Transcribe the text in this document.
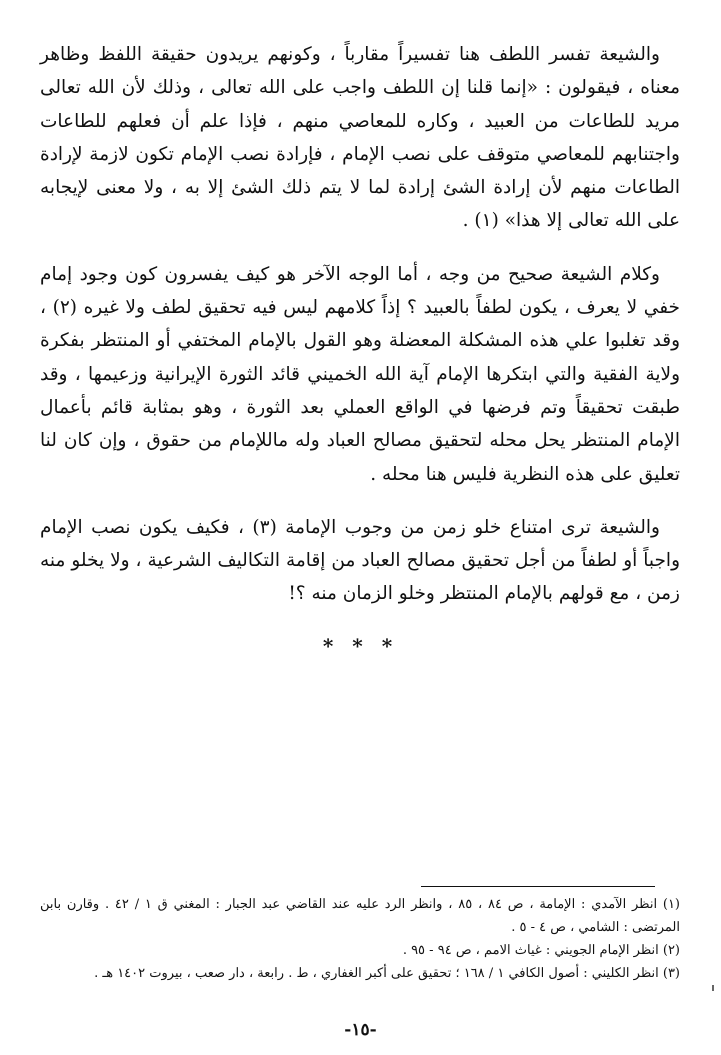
والشيعة تفسر اللطف هنا تفسيراً مقارباً ، وكونهم يريدون حقيقة اللفظ وظاهر معناه ، فيقولون : «إنما قلنا إن اللطف واجب على الله تعالى ، وذلك لأن الله تعالى مريد للطاعات من العبيد ، وكاره للمعاصي منهم ، فإذا علم أن فعلهم للطاعات واجتنابهم للمعاصي متوقف على نصب الإمام ، فإرادة نصب الإمام تكون لازمة لإرادة الطاعات منهم لأن إرادة الشئ إرادة لما لا يتم ذلك الشئ إلا به ، ولا معنى لإيجابه على الله تعالى إلا هذا» (١) .

وكلام الشيعة صحيح من وجه ، أما الوجه الآخر هو كيف يفسرون كون وجود إمام خفي لا يعرف ، يكون لطفاً بالعبيد ؟ إذاً كلامهم ليس فيه تحقيق لطف ولا غيره (٢) ، وقد تغلبوا علي هذه المشكلة المعضلة وهو القول بالإمام المختفي أو المنتظر بفكرة ولاية الفقية والتي ابتكرها الإمام آية الله الخميني قائد الثورة الإيرانية وزعيمها ، وقد طبقت تحقيقاً وتم فرضها في الواقع العملي بعد الثورة ، وهو بمثابة قائم بأعمال الإمام المنتظر يحل محله لتحقيق مصالح العباد وله ماللإمام من حقوق ، وإن كان لنا تعليق على هذه النظرية فليس هنا محله .

والشيعة ترى امتناع خلو زمن من وجوب الإمامة (٣) ، فكيف يكون نصب الإمام واجباً أو لطفاً من أجل تحقيق مصالح العباد من إقامة التكاليف الشرعية ، ولا يخلو منه زمن ، مع قولهم بالإمام المنتظر وخلو الزمان منه ؟!

* * *

(١) انظر الآمدي : الإمامة ، ص ٨٤ ، ٨٥ ، وانظر الرد عليه عند القاضي عبد الجبار : المغني ق ١ / ٤٢ . وقارن بابن المرتضى : الشامي ، ص ٤ - ٥ .

(٢) انظر الإمام الجويني : غياث الامم ، ص ٩٤ - ٩٥ .

(٣) انظر الكليني : أصول الكافي ١ / ١٦٨ ؛ تحقيق على أكبر الغفاري ، ط . رابعة ، دار صعب ، بيروت ١٤٠٢ هـ .

-١٥-
